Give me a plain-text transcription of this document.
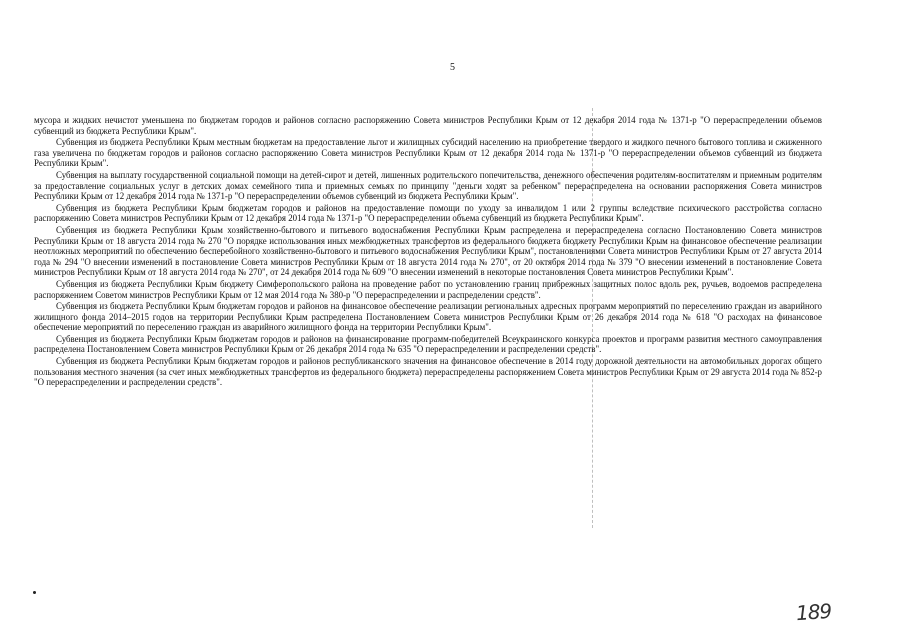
5

мусора и жидких нечистот уменьшена по бюджетам городов и районов согласно распоряжению Совета министров Республики Крым от 12 декабря 2014 года № 1371-р "О перераспределении объемов субвенций из бюджета Республики Крым".

Субвенция из бюджета Республики Крым местным бюджетам на предоставление льгот и жилищных субсидий населению на приобретение твердого и жидкого печного бытового топлива и сжиженного газа увеличена по бюджетам городов и районов согласно распоряжению Совета министров Республики Крым от 12 декабря 2014 года № 1371-р "О перераспределении объемов субвенций из бюджета Республики Крым".

Субвенция на выплату государственной социальной помощи на детей-сирот и детей, лишенных родительского попечительства, денежного обеспечения родителям-воспитателям и приемным родителям за предоставление социальных услуг в детских домах семейного типа и приемных семьях по принципу "деньги ходят за ребенком" перераспределена на основании распоряжения Совета министров Республики Крым от 12 декабря 2014 года № 1371-р "О перераспределении объемов субвенций из бюджета Республики Крым".

Субвенция из бюджета Республики Крым бюджетам городов и районов на предоставление помощи по уходу за инвалидом 1 или 2 группы вследствие психического расстройства согласно распоряжению Совета министров Республики Крым от 12 декабря 2014 года № 1371-р "О перераспределении объема субвенций из бюджета Республики Крым".

Субвенция из бюджета Республики Крым хозяйственно-бытового и питьевого водоснабжения Республики Крым распределена и перераспределена согласно Постановлению Совета министров Республики Крым от 18 августа 2014 года № 270 "О порядке использования иных межбюджетных трансфертов из федерального бюджета бюджету Республики Крым на финансовое обеспечение реализации неотложных мероприятий по обеспечению бесперебойного хозяйственно-бытового и питьевого водоснабжения Республики Крым", постановлениями Совета министров Республики Крым от 27 августа 2014 года № 294 "О внесении изменений в постановление Совета министров Республики Крым от 18 августа 2014 года № 270", от 20 октября 2014 года № 379 "О внесении изменений в постановление Совета министров Республики Крым от 18 августа 2014 года № 270", от 24 декабря 2014 года № 609 "О внесении изменений в некоторые постановления Совета министров Республики Крым".

Субвенция из бюджета Республики Крым бюджету Симферопольского района на проведение работ по установлению границ прибрежных защитных полос вдоль рек, ручьев, водоемов распределена распоряжением Советом министров Республики Крым от 12 мая 2014 года № 380-р "О перераспределении и распределении средств".

Субвенция из бюджета Республики Крым бюджетам городов и районов на финансовое обеспечение реализации региональных адресных программ мероприятий по переселению граждан из аварийного жилищного фонда 2014–2015 годов на территории Республики Крым распределена Постановлением Совета министров Республики Крым от 26 декабря 2014 года № 618 "О расходах на финансовое обеспечение мероприятий по переселению граждан из аварийного жилищного фонда на территории Республики Крым".

Субвенция из бюджета Республики Крым бюджетам городов и районов на финансирование программ-победителей Всеукраинского конкурса проектов и программ развития местного самоуправления распределена Постановлением Совета министров Республики Крым от 26 декабря 2014 года № 635 "О перераспределении и распределении средств".

Субвенция из бюджета Республики Крым бюджетам городов и районов республиканского значения на финансовое обеспечение в 2014 году дорожной деятельности на автомобильных дорогах общего пользования местного значения (за счет иных межбюджетных трансфертов из федерального бюджета) перераспределены распоряжением Совета министров Республики Крым от 29 августа 2014 года № 852-р "О перераспределении и распределении средств".

189
